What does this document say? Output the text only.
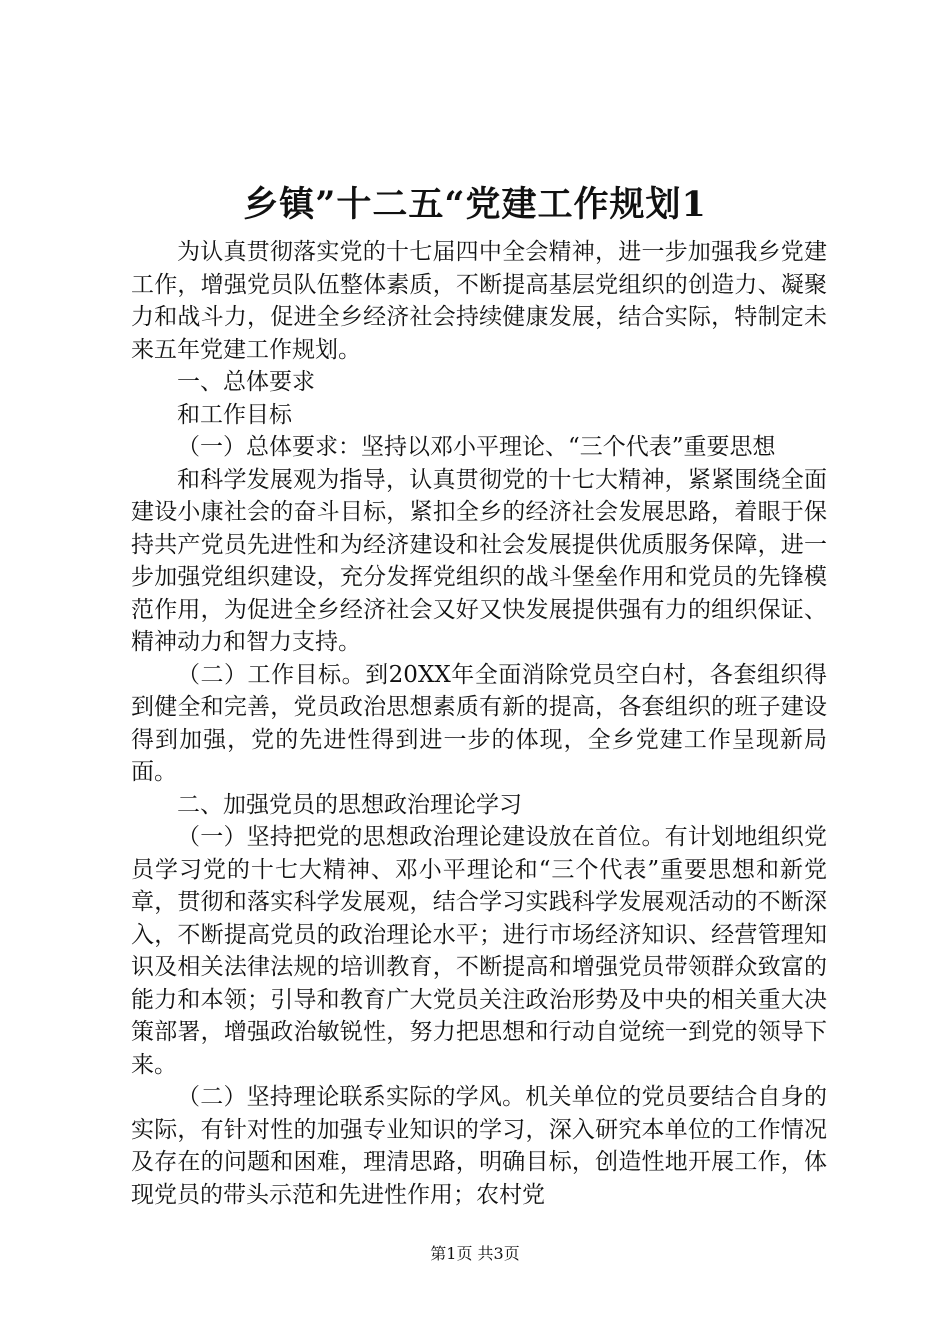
乡镇”十二五“党建工作规划1

为认真贯彻落实党的十七届四中全会精神，进一步加强我乡党建工作，增强党员队伍整体素质，不断提高基层党组织的创造力、凝聚力和战斗力，促进全乡经济社会持续健康发展，结合实际，特制定未来五年党建工作规划。

一、总体要求

和工作目标

（一）总体要求：坚持以邓小平理论、“三个代表”重要思想

和科学发展观为指导，认真贯彻党的十七大精神，紧紧围绕全面建设小康社会的奋斗目标，紧扣全乡的经济社会发展思路，着眼于保持共产党员先进性和为经济建设和社会发展提供优质服务保障，进一步加强党组织建设，充分发挥党组织的战斗堡垒作用和党员的先锋模范作用，为促进全乡经济社会又好又快发展提供强有力的组织保证、精神动力和智力支持。

（二）工作目标。到20XX年全面消除党员空白村，各套组织得到健全和完善，党员政治思想素质有新的提高，各套组织的班子建设得到加强，党的先进性得到进一步的体现，全乡党建工作呈现新局面。

二、加强党员的思想政治理论学习

（一）坚持把党的思想政治理论建设放在首位。有计划地组织党员学习党的十七大精神、邓小平理论和“三个代表”重要思想和新党章，贯彻和落实科学发展观，结合学习实践科学发展观活动的不断深入，不断提高党员的政治理论水平；进行市场经济知识、经营管理知识及相关法律法规的培训教育，不断提高和增强党员带领群众致富的能力和本领；引导和教育广大党员关注政治形势及中央的相关重大决策部署，增强政治敏锐性，努力把思想和行动自觉统一到党的领导下来。

（二）坚持理论联系实际的学风。机关单位的党员要结合自身的实际，有针对性的加强专业知识的学习，深入研究本单位的工作情况及存在的问题和困难，理清思路，明确目标，创造性地开展工作，体现党员的带头示范和先进性作用；农村党

第1页 共3页
